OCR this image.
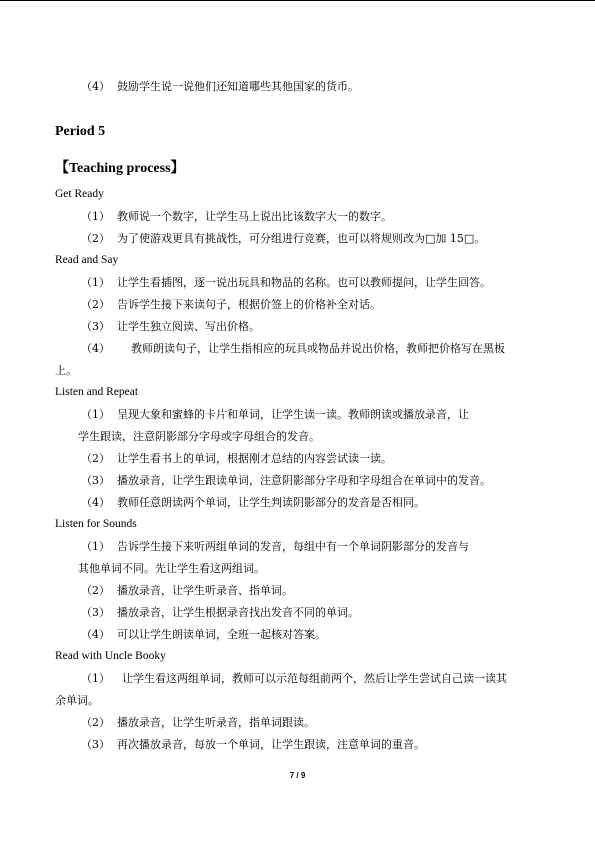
（4） 鼓励学生说一说他们还知道哪些其他国家的货币。
Period 5
【Teaching process】
Get Ready
（1） 教师说一个数字，让学生马上说出比该数字大一的数字。
（2） 为了使游戏更具有挑战性，可分组进行竞赛，也可以将规则改为□加 15□。
Read and Say
（1） 让学生看插图，逐一说出玩具和物品的名称。也可以教师提问，让学生回答。
（2） 告诉学生接下来读句子，根据价签上的价格补全对话。
（3） 让学生独立阅读、写出价格。
（4） 教师朗读句子，让学生指相应的玩具或物品并说出价格，教师把价格写在黑板
上。
Listen and Repeat
（1） 呈现大象和蜜蜂的卡片和单词，让学生读一读。教师朗读或播放录音，让
学生跟读，注意阴影部分字母或字母组合的发音。
（2） 让学生看书上的单词，根据刚才总结的内容尝试读一读。
（3） 播放录音，让学生跟读单词，注意阴影部分字母和字母组合在单词中的发音。
（4） 教师任意朗读两个单词，让学生判读阴影部分的发音是否相同。
Listen for Sounds
（1） 告诉学生接下来听两组单词的发音，每组中有一个单词阴影部分的发音与
其他单词不同。先让学生看这两组词。
（2） 播放录音，让学生听录音、指单词。
（3） 播放录音，让学生根据录音找出发音不同的单词。
（4） 可以让学生朗读单词，全班一起核对答案。
Read with Uncle Booky
（1） 让学生看这两组单词，教师可以示范每组前两个，然后让学生尝试自己读一读其
余单词。
（2） 播放录音，让学生听录音，指单词跟读。
（3） 再次播放录音，每放一个单词，让学生跟读，注意单词的重音。
7 / 9
